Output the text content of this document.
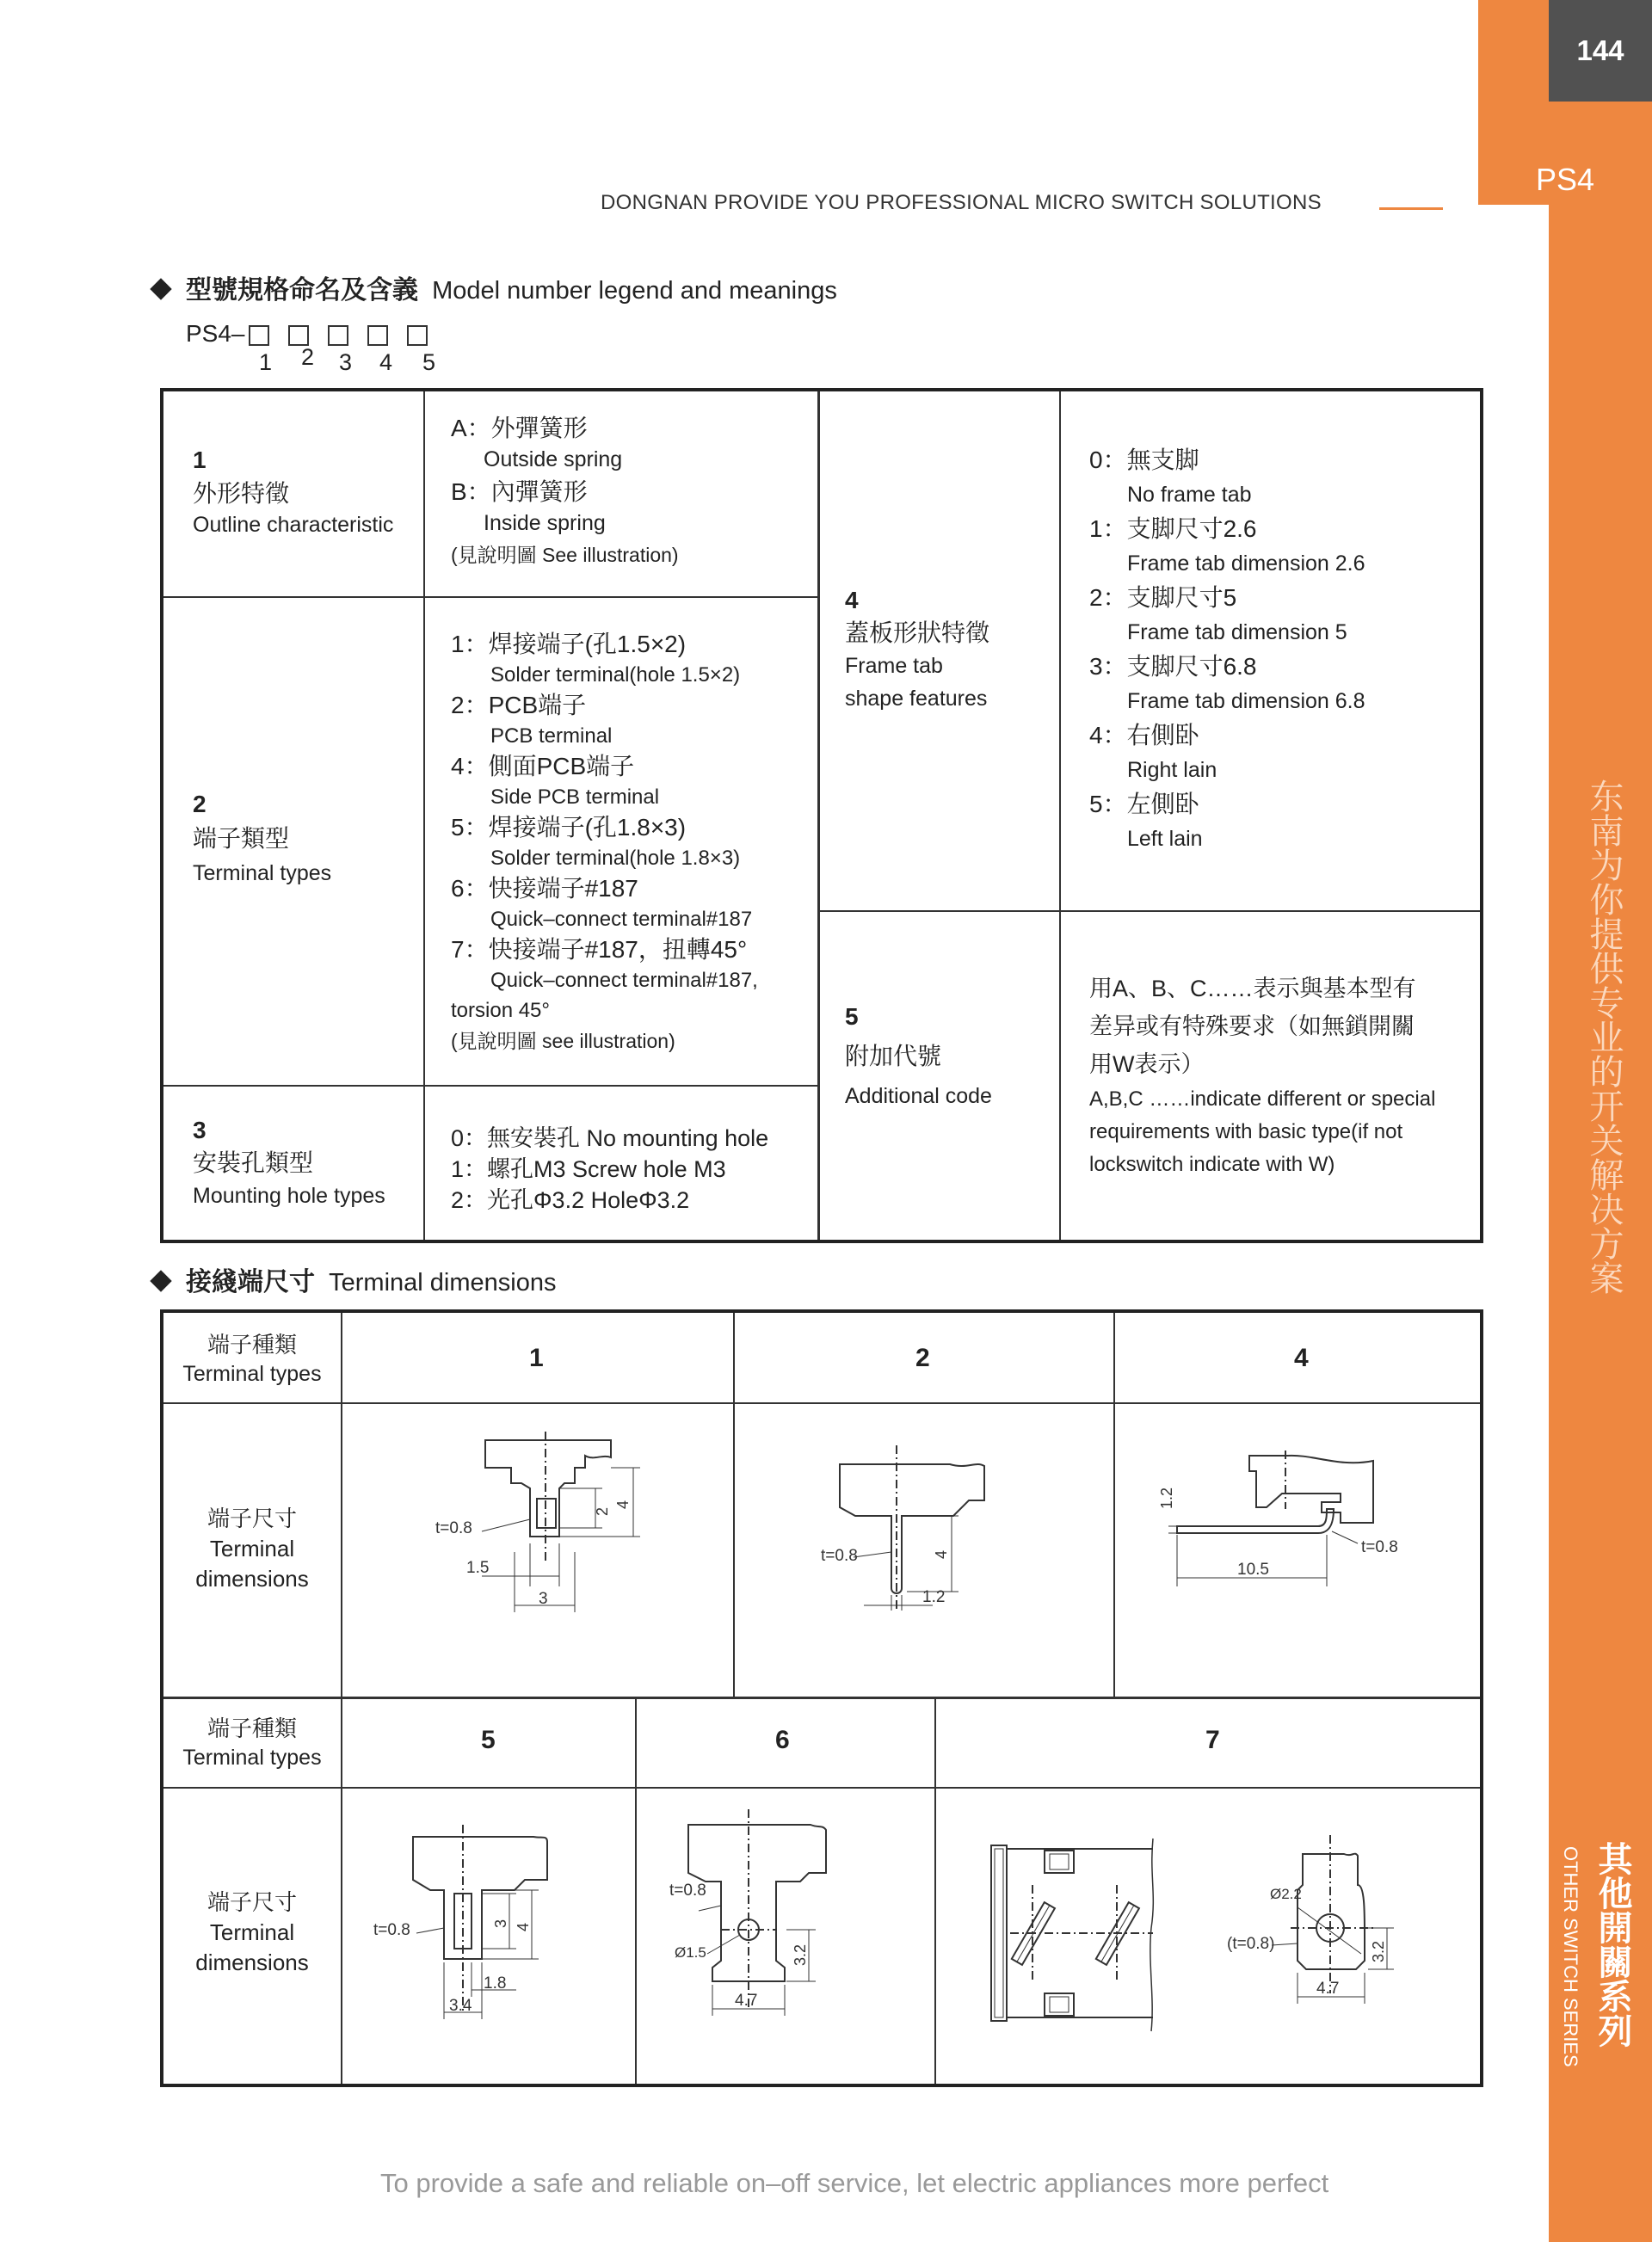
144
PS4
东南为你提供专业的开关解决方案
其他開關系列
OTHER SWITCH SERIES
DONGNAN PROVIDE YOU PROFESSIONAL MICRO SWITCH SOLUTIONS
型號規格命名及含義 Model number legend and meanings
PS4–
1 2 3 4 5
1
外形特徵
Outline characteristic
A：外彈簧形
Outside spring
B：內彈簧形
Inside spring
(見說明圖 See illustration)
2
端子類型
Terminal types
1：焊接端子(孔1.5×2)
Solder terminal(hole 1.5×2)
2：PCB端子
PCB terminal
4：側面PCB端子
Side PCB terminal
5：焊接端子(孔1.8×3)
Solder terminal(hole 1.8×3)
6：快接端子#187
Quick–connect terminal#187
7：快接端子#187，扭轉45°
Quick–connect terminal#187,
torsion 45°
(見說明圖 see illustration)
3
安裝孔類型
Mounting hole types
0：無安裝孔 No mounting hole
1：螺孔M3 Screw hole M3
2：光孔Φ3.2 HoleΦ3.2
4
蓋板形狀特徵
Frame tab
shape features
0：無支脚
No frame tab
1：支脚尺寸2.6
Frame tab dimension 2.6
2：支脚尺寸5
Frame tab dimension 5
3：支脚尺寸6.8
Frame tab dimension 6.8
4：右側卧
Right lain
5：左側卧
Left lain
5
附加代號
Additional code
用A、B、C……表示與基本型有
差异或有特殊要求（如無鎖開關
用W表示）
A,B,C ……indicate different or special
requirements with basic type(if not
lockswitch indicate with W)
接綫端尺寸 Terminal dimensions
端子種類
Terminal types
1	2	4
端子尺寸
Terminal
dimensions
端子種類
Terminal types
5	6	7
端子尺寸
Terminal
dimensions
t=0.8
2
4
1.5
3
t=0.8	4
1.2
1.2
10.5
t=0.8
t=0.8	3 4
1.8
3.4
t=0.8
Ø1.5	3.2
4.7
Ø2.2
(t=0.8)	3.2
4.7
To provide a safe and reliable on–off service, let electric appliances more perfect
